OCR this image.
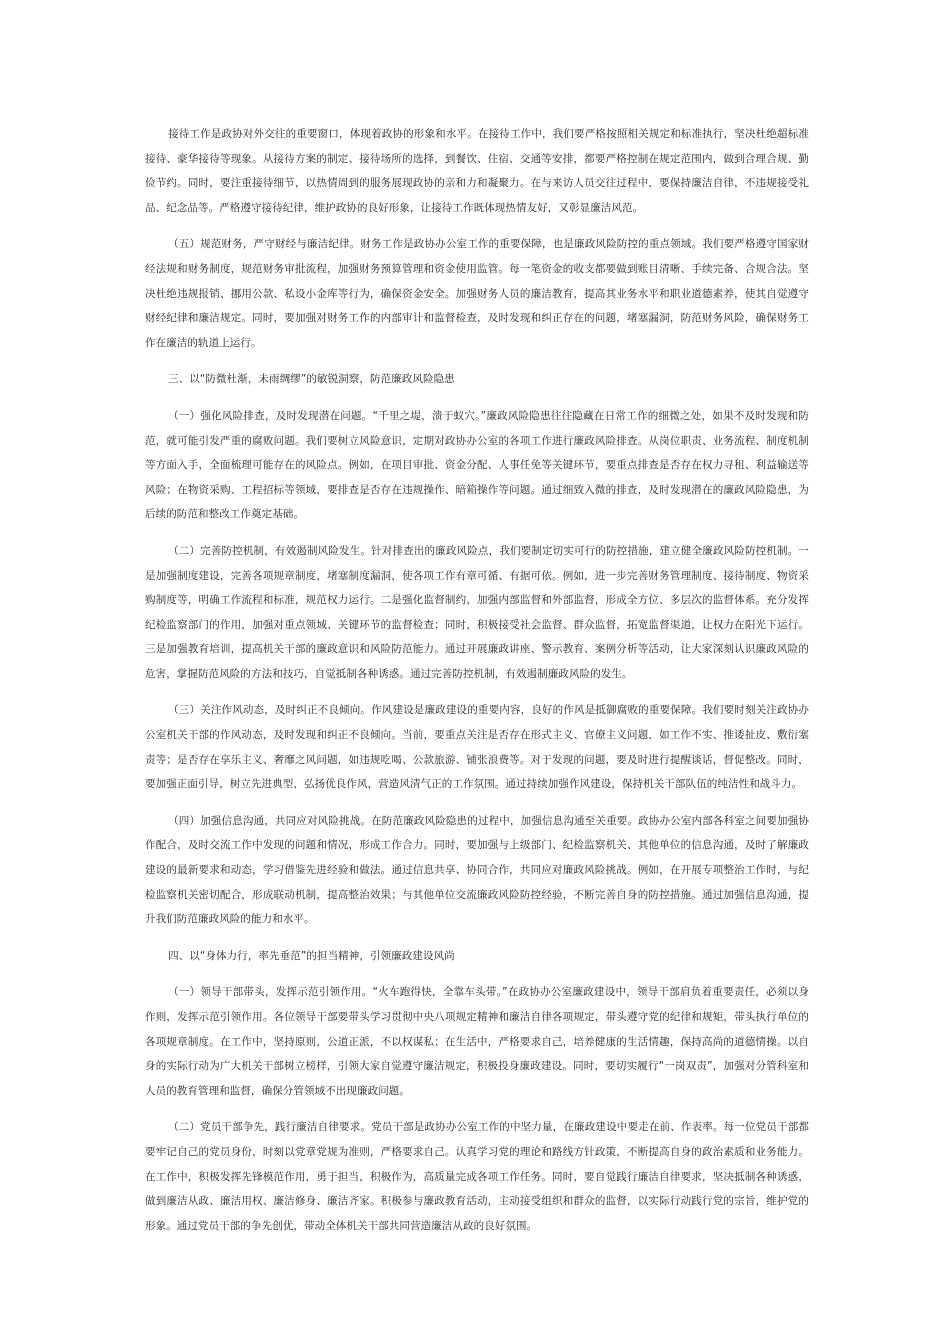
接待工作是政协对外交往的重要窗口，体现着政协的形象和水平。在接待工作中，我们要严格按照相关规定和标准执行，坚决杜绝超标准接待、豪华接待等现象。从接待方案的制定、接待场所的选择，到餐饮、住宿、交通等安排，都要严格控制在规定范围内，做到合理合规、勤俭节约。同时，要注重接待细节，以热情周到的服务展现政协的亲和力和凝聚力。在与来访人员交往过程中，要保持廉洁自律，不违规接受礼品、纪念品等。严格遵守接待纪律，维护政协的良好形象，让接待工作既体现热情友好，又彰显廉洁风范。

（五）规范财务，严守财经与廉洁纪律。财务工作是政协办公室工作的重要保障，也是廉政风险防控的重点领域。我们要严格遵守国家财经法规和财务制度，规范财务审批流程，加强财务预算管理和资金使用监管。每一笔资金的收支都要做到账目清晰、手续完备、合规合法。坚决杜绝违规报销、挪用公款、私设小金库等行为，确保资金安全。加强财务人员的廉洁教育，提高其业务水平和职业道德素养，使其自觉遵守财经纪律和廉洁规定。同时，要加强对财务工作的内部审计和监督检查，及时发现和纠正存在的问题，堵塞漏洞，防范财务风险，确保财务工作在廉洁的轨道上运行。

三、以“防微杜渐，未雨绸缪”的敏锐洞察，防范廉政风险隐患

（一）强化风险排查，及时发现潜在问题。“千里之堤，溃于蚁穴。”廉政风险隐患往往隐藏在日常工作的细微之处，如果不及时发现和防范，就可能引发严重的腐败问题。我们要树立风险意识，定期对政协办公室的各项工作进行廉政风险排查。从岗位职责、业务流程、制度机制等方面入手，全面梳理可能存在的风险点。例如，在项目审批、资金分配、人事任免等关键环节，要重点排查是否存在权力寻租、利益输送等风险；在物资采购、工程招标等领域，要排查是否存在违规操作、暗箱操作等问题。通过细致入微的排查，及时发现潜在的廉政风险隐患，为后续的防范和整改工作奠定基础。

（二）完善防控机制，有效遏制风险发生。针对排查出的廉政风险点，我们要制定切实可行的防控措施，建立健全廉政风险防控机制。一是加强制度建设，完善各项规章制度，堵塞制度漏洞，使各项工作有章可循、有据可依。例如，进一步完善财务管理制度、接待制度、物资采购制度等，明确工作流程和标准，规范权力运行。二是强化监督制约，加强内部监督和外部监督，形成全方位、多层次的监督体系。充分发挥纪检监察部门的作用，加强对重点领域、关键环节的监督检查；同时，积极接受社会监督、群众监督，拓宽监督渠道，让权力在阳光下运行。三是加强教育培训，提高机关干部的廉政意识和风险防范能力。通过开展廉政讲座、警示教育、案例分析等活动，让大家深刻认识廉政风险的危害，掌握防范风险的方法和技巧，自觉抵制各种诱惑。通过完善防控机制，有效遏制廉政风险的发生。

（三）关注作风动态，及时纠正不良倾向。作风建设是廉政建设的重要内容，良好的作风是抵御腐败的重要保障。我们要时刻关注政协办公室机关干部的作风动态，及时发现和纠正不良倾向。当前，要重点关注是否存在形式主义、官僚主义问题，如工作不实、推诿扯皮、敷衍塞责等；是否存在享乐主义、奢靡之风问题，如违规吃喝、公款旅游、铺张浪费等。对于发现的问题，要及时进行提醒谈话，督促整改。同时，要加强正面引导，树立先进典型，弘扬优良作风，营造风清气正的工作氛围。通过持续加强作风建设，保持机关干部队伍的纯洁性和战斗力。

（四）加强信息沟通，共同应对风险挑战。在防范廉政风险隐患的过程中，加强信息沟通至关重要。政协办公室内部各科室之间要加强协作配合，及时交流工作中发现的问题和情况，形成工作合力。同时，要加强与上级部门、纪检监察机关、其他单位的信息沟通，及时了解廉政建设的最新要求和动态，学习借鉴先进经验和做法。通过信息共享、协同合作，共同应对廉政风险挑战。例如，在开展专项整治工作时，与纪检监察机关密切配合，形成联动机制，提高整治效果；与其他单位交流廉政风险防控经验，不断完善自身的防控措施。通过加强信息沟通，提升我们防范廉政风险的能力和水平。

四、以“身体力行，率先垂范”的担当精神，引领廉政建设风尚

（一）领导干部带头，发挥示范引领作用。“火车跑得快，全靠车头带。”在政协办公室廉政建设中，领导干部肩负着重要责任，必须以身作则，发挥示范引领作用。各位领导干部要带头学习贯彻中央八项规定精神和廉洁自律各项规定，带头遵守党的纪律和规矩，带头执行单位的各项规章制度。在工作中，坚持原则，公道正派，不以权谋私；在生活中，严格要求自己，培养健康的生活情趣，保持高尚的道德情操。以自身的实际行动为广大机关干部树立榜样，引领大家自觉遵守廉洁规定，积极投身廉政建设。同时，要切实履行“一岗双责”，加强对分管科室和人员的教育管理和监督，确保分管领域不出现廉政问题。

（二）党员干部争先，践行廉洁自律要求。党员干部是政协办公室工作的中坚力量，在廉政建设中要走在前、作表率。每一位党员干部都要牢记自己的党员身份，时刻以党章党规为准则，严格要求自己。认真学习党的理论和路线方针政策，不断提高自身的政治素质和业务能力。在工作中，积极发挥先锋模范作用，勇于担当，积极作为，高质量完成各项工作任务。同时，要自觉践行廉洁自律要求，坚决抵制各种诱惑，做到廉洁从政、廉洁用权、廉洁修身、廉洁齐家。积极参与廉政教育活动，主动接受组织和群众的监督，以实际行动践行党的宗旨，维护党的形象。通过党员干部的争先创优，带动全体机关干部共同营造廉洁从政的良好氛围。
